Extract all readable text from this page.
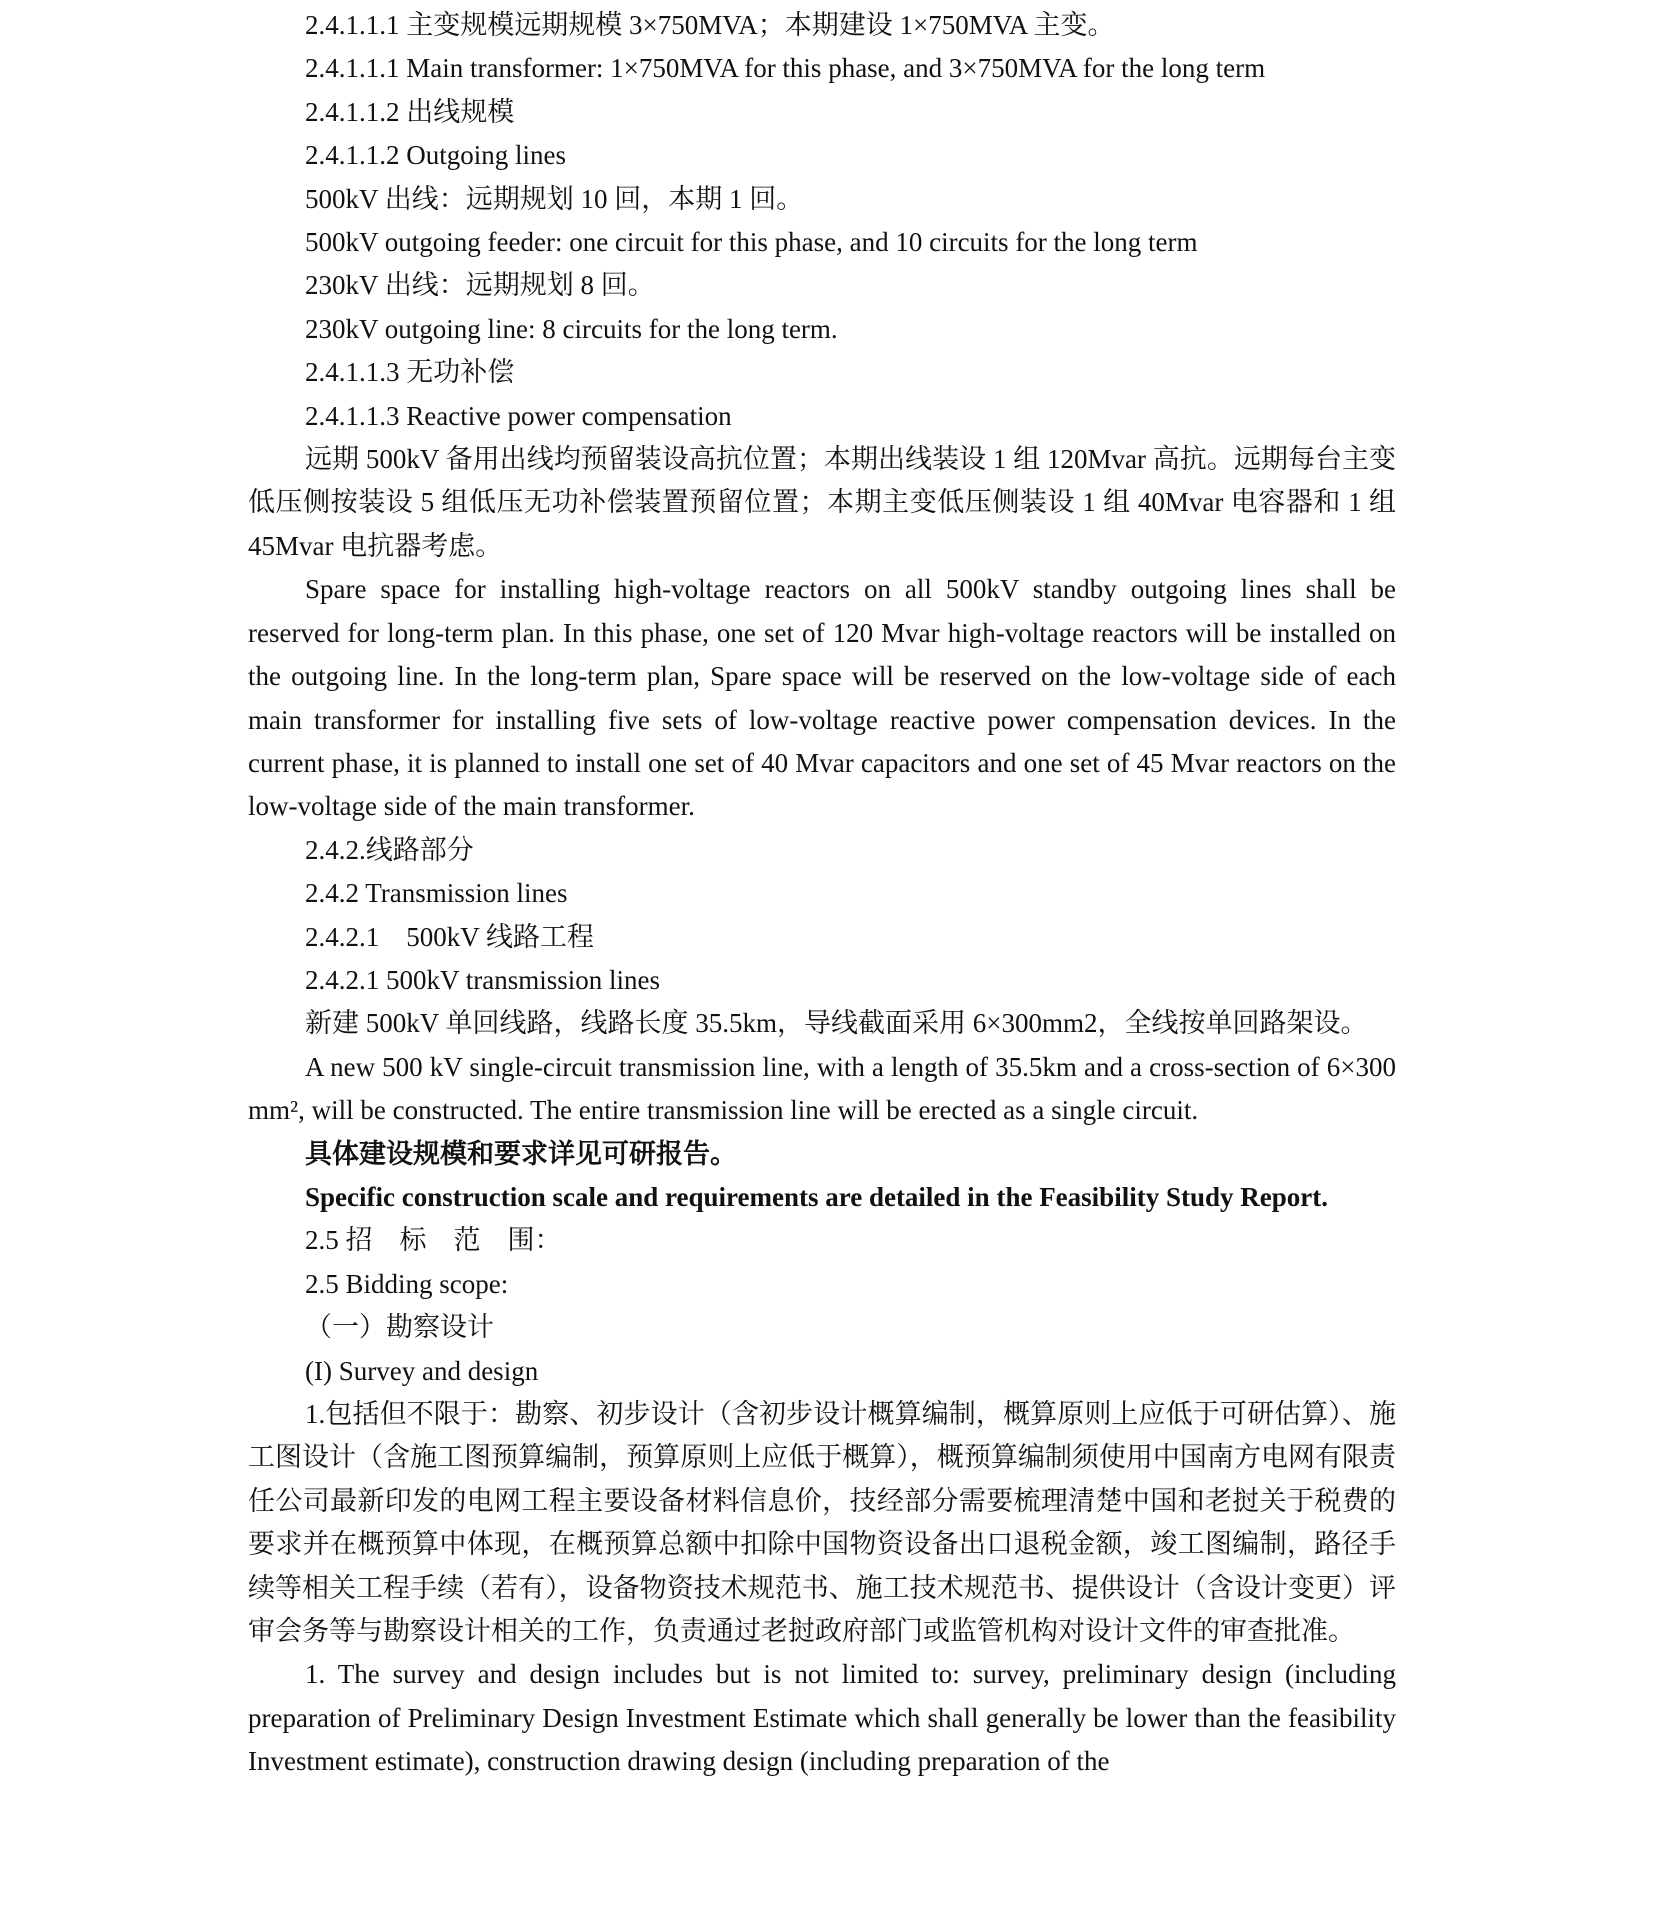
2.4.1.1.1 主变规模远期规模 3×750MVA；本期建设 1×750MVA 主变。

2.4.1.1.1 Main transformer: 1×750MVA for this phase, and 3×750MVA for the long term

2.4.1.1.2 出线规模

2.4.1.1.2 Outgoing lines

500kV 出线：远期规划 10 回，本期 1 回。

500kV outgoing feeder: one circuit for this phase, and 10 circuits for the long term

230kV 出线：远期规划 8 回。

230kV outgoing line: 8 circuits for the long term.

2.4.1.1.3 无功补偿

2.4.1.1.3 Reactive power compensation

远期 500kV 备用出线均预留装设高抗位置；本期出线装设 1 组 120Mvar 高抗。远期每台主变低压侧按装设 5 组低压无功补偿装置预留位置；本期主变低压侧装设 1 组 40Mvar 电容器和 1 组 45Mvar 电抗器考虑。

Spare space for installing high-voltage reactors on all 500kV standby outgoing lines shall be reserved for long-term plan. In this phase, one set of 120 Mvar high-voltage reactors will be installed on the outgoing line. In the long-term plan, Spare space will be reserved on the low-voltage side of each main transformer for installing five sets of low-voltage reactive power compensation devices. In the current phase, it is planned to install one set of 40 Mvar capacitors and one set of 45 Mvar reactors on the low-voltage side of the main transformer.

2.4.2.线路部分

2.4.2 Transmission lines

2.4.2.1　500kV 线路工程

2.4.2.1 500kV transmission lines

新建 500kV 单回线路，线路长度 35.5km，导线截面采用 6×300mm2，全线按单回路架设。

A new 500 kV single-circuit transmission line, with a length of 35.5km and a cross-section of 6×300 mm², will be constructed. The entire transmission line will be erected as a single circuit.

具体建设规模和要求详见可研报告。

Specific construction scale and requirements are detailed in the Feasibility Study Report.

2.5 招　标　范　围：

2.5 Bidding scope:

（一）勘察设计

(I) Survey and design

1.包括但不限于：勘察、初步设计（含初步设计概算编制，概算原则上应低于可研估算）、施工图设计（含施工图预算编制，预算原则上应低于概算），概预算编制须使用中国南方电网有限责任公司最新印发的电网工程主要设备材料信息价，技经部分需要梳理清楚中国和老挝关于税费的要求并在概预算中体现，在概预算总额中扣除中国物资设备出口退税金额，竣工图编制，路径手续等相关工程手续（若有），设备物资技术规范书、施工技术规范书、提供设计（含设计变更）评审会务等与勘察设计相关的工作，负责通过老挝政府部门或监管机构对设计文件的审查批准。

1. The survey and design includes but is not limited to: survey, preliminary design (including preparation of Preliminary Design Investment Estimate which shall generally be lower than the feasibility Investment estimate), construction drawing design (including preparation of the
